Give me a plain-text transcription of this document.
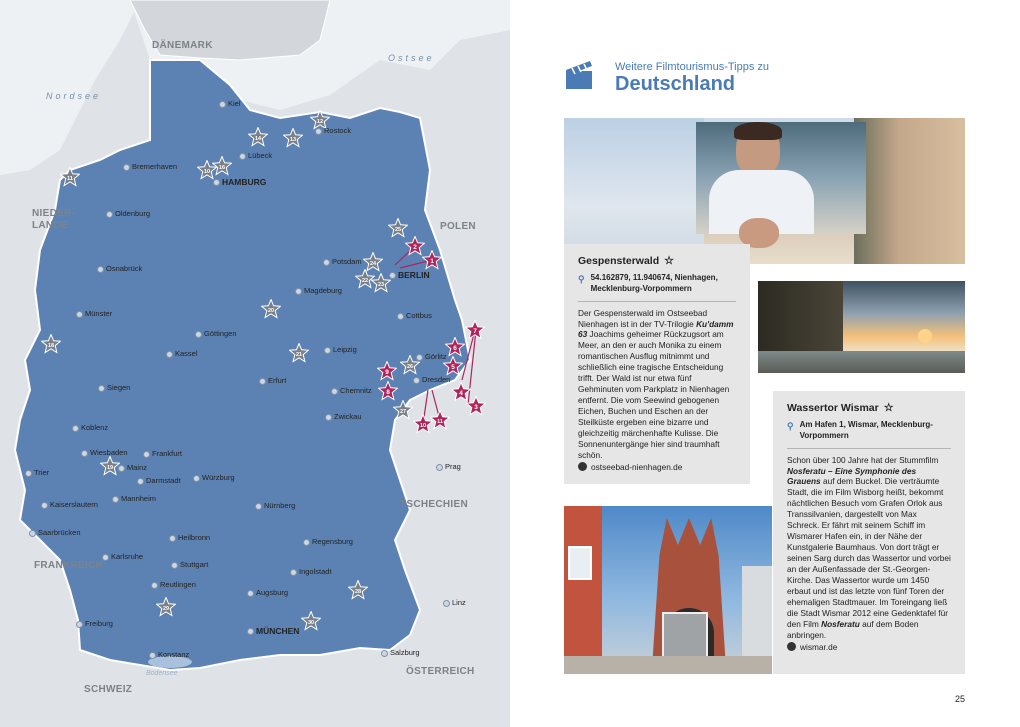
12
14	13
11
10
16
25
24
22
23
20
21
18
26
27
19
28
29
30
2
1
7
6
5
4
3
9
8
10
11
DÄNEMARK
Ostsee
Nordsee
NIEDER-
LANDE	POLEN
TSCHECHIEN
FRANKREICH
ÖSTERREICH
SCHWEIZ
Bodensee
Kiel
Rostock
Lübeck
HAMBURG
Bremerhaven
Oldenburg
Osnabrück
Münster
Potsdam
BERLIN
Magdeburg
Cottbus
Göttingen
Kassel	Leipzig
Görlitz
Dresden
Chemnitz
Zwickau
Erfurt
Siegen
Koblenz
Wiesbaden	Frankfurt
Mainz
Darmstadt
Trier
Würzburg
Mannheim
Kaiserslautern
Saarbrücken
Nürnberg
Heilbronn	Regensburg
Karlsruhe
Stuttgart
Ingolstadt
Reutlingen
Augsburg
Freiburg
MÜNCHEN
Konstanz	Salzburg
Prag
Linz
Weitere Filmtourismus-Tipps zu
Deutschland
Gespensterwald ☆
⚲ 54.162879, 11.940674, Nienhagen, Mecklenburg-Vorpommern

Der Gespensterwald im Ostseebad Nienhagen ist in der TV-Trilogie Ku'damm 63 Joachims geheimer Rückzugsort am Meer, an den er auch Monika zu einem romantischen Ausflug mitnimmt und schließlich eine tragische Entscheidung trifft. Der Wald ist nur etwa fünf Gehminuten vom Parkplatz in Nienhagen entfernt. Die vom Seewind gebogenen Eichen, Buchen und Eschen an der Steilküste ergeben eine bizarre und gleichzeitig märchenhafte Kulisse. Die Sonnenuntergänge hier sind traumhaft schön.

ostseebad-nienhagen.de
Wassertor Wismar ☆
⚲ Am Hafen 1, Wismar, Mecklenburg-Vorpommern

Schon über 100 Jahre hat der Stummfilm Nosferatu – Eine Symphonie des Grauens auf dem Buckel. Die verträumte Stadt, die im Film Wisborg heißt, bekommt nächtlichen Besuch vom Grafen Orlok aus Transsilvanien, dargestellt von Max Schreck. Er fährt mit seinem Schiff im Wismarer Hafen ein, in der Nähe der Kunstgalerie Baumhaus. Von dort trägt er seinen Sarg durch das Wassertor und vorbei an der Außenfassade der St.-Georgen-Kirche. Das Wassertor wurde um 1450 erbaut und ist das letzte von fünf Toren der ehemaligen Stadtmauer. Im Toreingang ließ die Stadt Wismar 2012 eine Gedenktafel für den Film Nosferatu auf dem Boden anbringen.

wismar.de
25
